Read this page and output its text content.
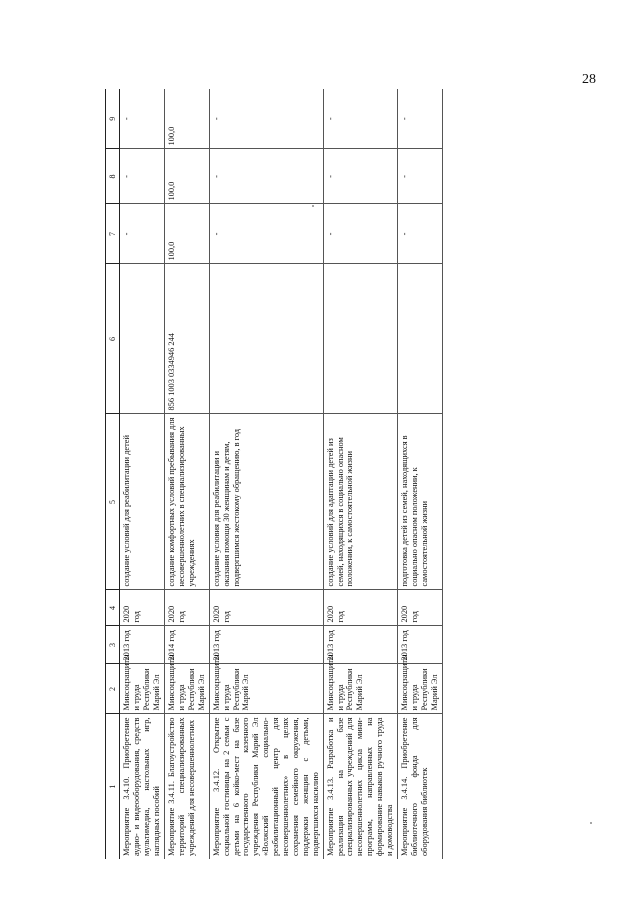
28
1	2	3	4	5	6	7	8	9
Мероприятие 3.4.10. Приобретение аудио- и видеооборудования, средств мультимедиа, настольных игр, наглядных пособий	Минсоцзащиты и труда Республики Марий Эл	2013 год	2020 год	создание условий для реабилитации детей		-	-	-
Мероприятие 3.4.11. Благоустройство территорий специализированных учреждений для несовершеннолетних	Минсоцзащиты и труда Республики Марий Эл	2014 год	2020 год	создание комфортных условий пребывания для несовершеннолетних в специализированных учреждениях	856 1003 0334946 244	100,0	100,0	100,0
Мероприятие 3.4.12. Открытие социальной гостиницы на 2 семьи с детьми на 6 койко-мест на базе государственного казенного учреждения Республики Марий Эл «Волжский социально-реабилитационный центр для несовершеннолетних» в целях сохранения семейного окружения, поддержки женщин с детьми, подвергшихся насилию	Минсоцзащиты и труда Республики Марий Эл	2013 год	2020 год	создание условия для реабилитации и оказания помощи 30 женщинам и детям, подвергшимся жестокому обращению, в год		-	-	-
Мероприятие 3.4.13. Разработка и реализация на базе специализированных учреждений для несовершеннолетних цикла мини-программ, направленных на формирование навыков ручного труда и домоводства	Минсоцзащиты и труда Республики Марий Эл	2013 год	2020 год	создание условий для адаптации детей из семей, находящихся в социально опасном положении, к самостоятельной жизни		-	-	-
Мероприятие 3.4.14. Приобретение библиотечного фонда для оборудования библиотек	Минсоцзащиты и труда Республики Марий Эл	2013 год	2020 год	подготовка детей из семей, находящихся в социально опасном положении, к самостоятельной жизни		-	-	-
